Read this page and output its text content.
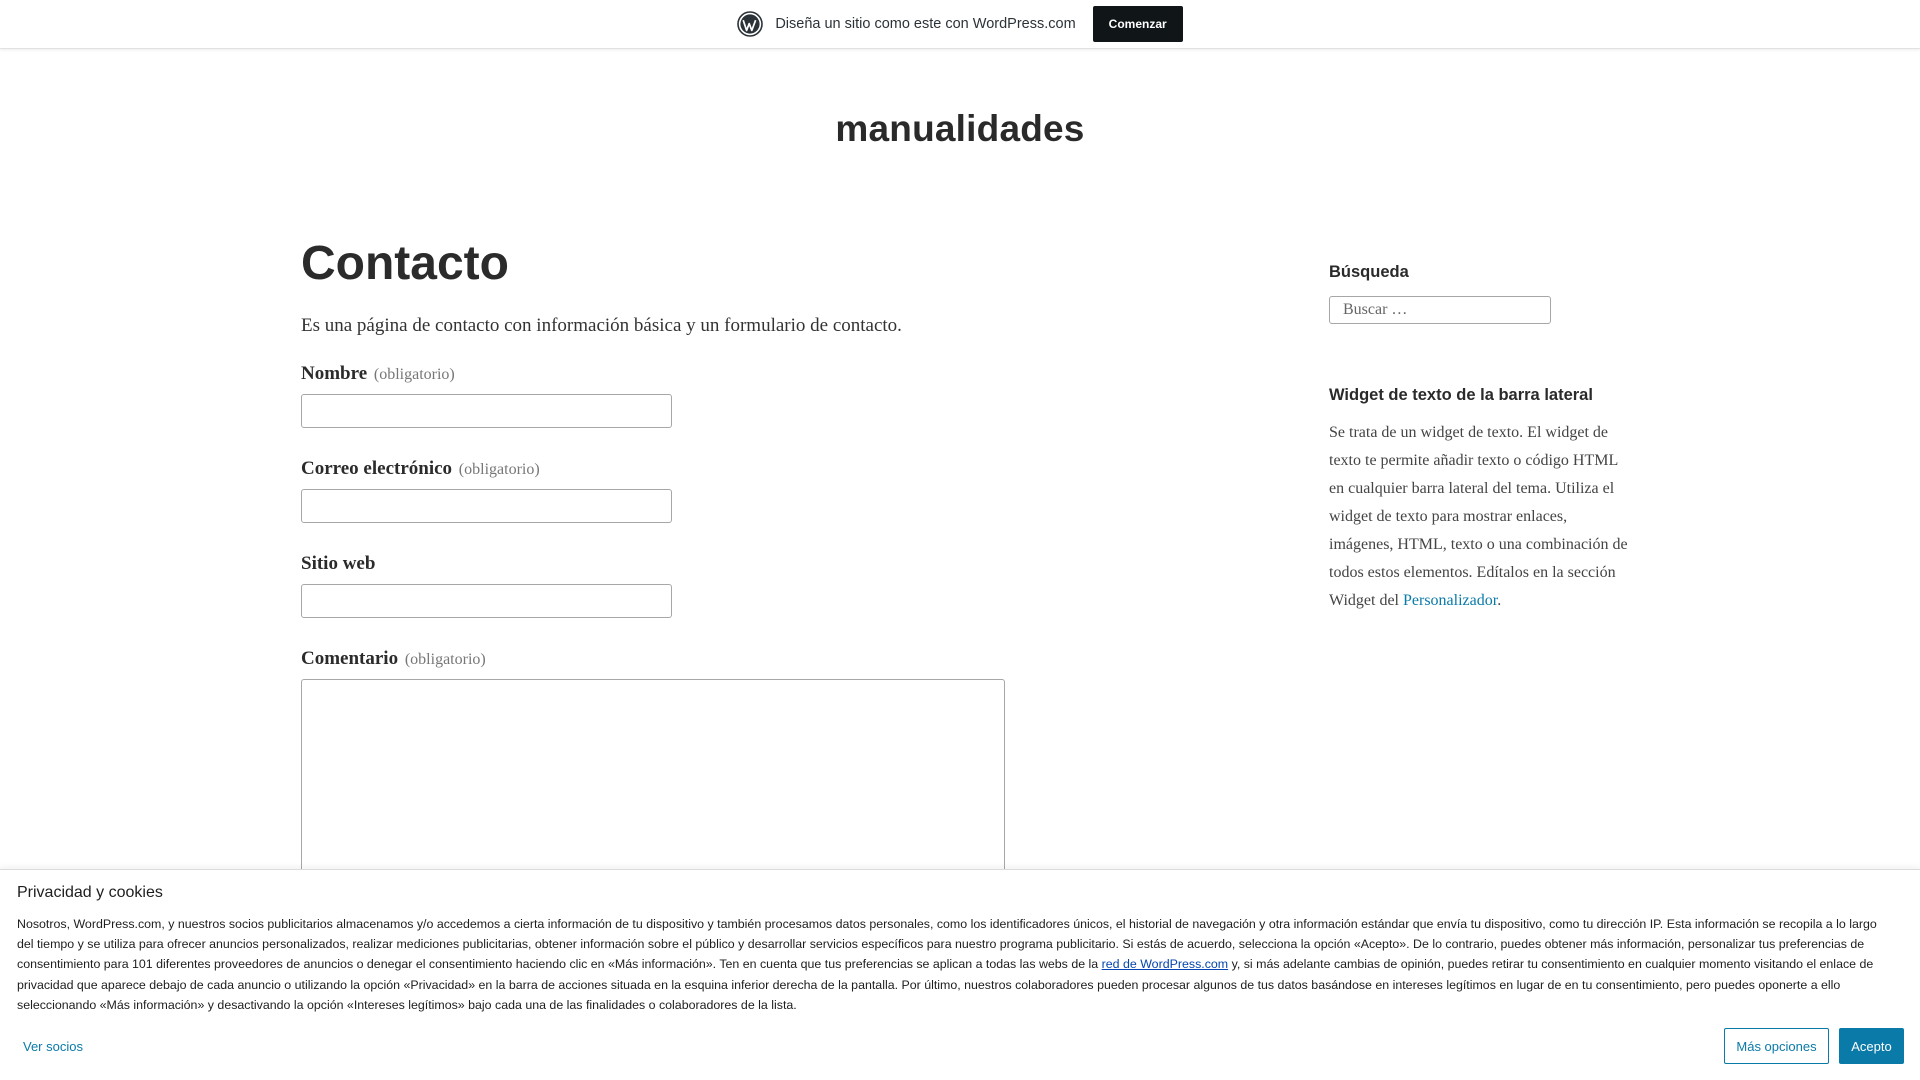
Diseña un sitio como este con WordPress.com	Comenzar
manualidades
Contacto

Es una página de contacto con información básica y un formulario de contacto.

Nombre (obligatorio)
Correo electrónico (obligatorio)
Sitio web
Comentario (obligatorio)
Búsqueda
Buscar …
Widget de texto de la barra lateral

Se trata de un widget de texto. El widget de texto te permite añadir texto o código HTML en cualquier barra lateral del tema. Utiliza el widget de texto para mostrar enlaces, imágenes, HTML, texto o una combinación de todos estos elementos. Edítalos en la sección Widget del Personalizador.

Privacidad y cookies

Nosotros, WordPress.com, y nuestros socios publicitarios almacenamos y/o accedemos a cierta información de tu dispositivo y también procesamos datos personales, como los identificadores únicos, el historial de navegación y otra información estándar que envía tu dispositivo, como tu dirección IP. Esta información se recopila a lo largo del tiempo y se utiliza para ofrecer anuncios personalizados, realizar mediciones publicitarias, obtener información sobre el público y desarrollar servicios específicos para nuestro programa publicitario. Si estás de acuerdo, selecciona la opción «Acepto». De lo contrario, puedes obtener más información, personalizar tus preferencias de consentimiento para 101 diferentes proveedores de anuncios o denegar el consentimiento haciendo clic en «Más información». Ten en cuenta que tus preferencias se aplican a todas las webs de la red de WordPress.com y, si más adelante cambias de opinión, puedes retirar tu consentimiento en cualquier momento visitando el enlace de privacidad que aparece debajo de cada anuncio o utilizando la opción «Privacidad» en la barra de acciones situada en la esquina inferior derecha de la pantalla. Por último, nuestros colaboradores pueden procesar algunos de tus datos basándose en intereses legítimos en lugar de en tu consentimiento, pero puedes oponerte a ello seleccionando «Más información» y desactivando la opción «Intereses legítimos» bajo cada una de las finalidades o colaboradores de la lista.

Ver socios	Más opciones	Acepto
